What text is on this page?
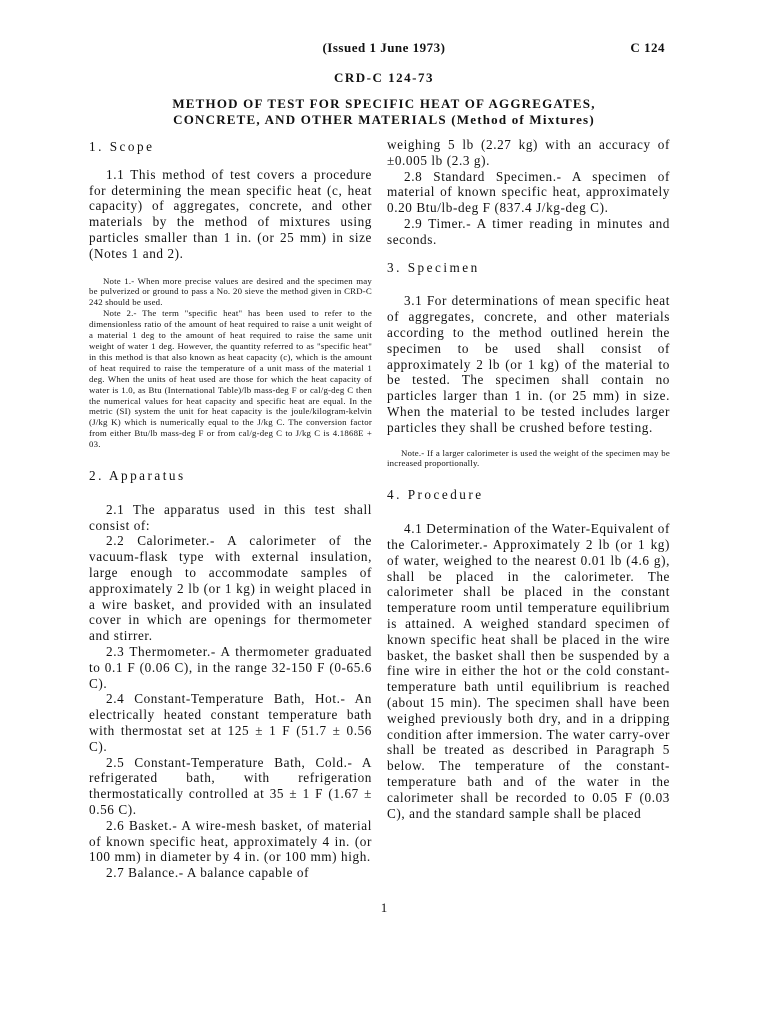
(Issued 1 June 1973)	C 124
CRD-C 124-73
METHOD OF TEST FOR SPECIFIC HEAT OF AGGREGATES,
CONCRETE, AND OTHER MATERIALS (Method of Mixtures)

1. Scope

1.1 This method of test covers a procedure for determining the mean specific heat (c, heat capacity) of aggregates, concrete, and other materials by the method of mixtures using particles smaller than 1 in. (or 25 mm) in size (Notes 1 and 2).

Note 1.- When more precise values are desired and the specimen may be pulverized or ground to pass a No. 20 sieve the method given in CRD-C 242 should be used.

Note 2.- The term "specific heat" has been used to refer to the dimensionless ratio of the amount of heat required to raise a unit weight of a material 1 deg to the amount of heat required to raise the same unit weight of water 1 deg. However, the quantity referred to as "specific heat" in this method is that also known as heat capacity (c), which is the amount of heat required to raise the temperature of a unit mass of the material 1 deg. When the units of heat used are those for which the heat capacity of water is 1.0, as Btu (International Table)/lb mass-deg F or cal/g-deg C then the numerical values for heat capacity and specific heat are equal. In the metric (SI) system the unit for heat capacity is the joule/kilogram-kelvin (J/kg K) which is numerically equal to the J/kg C. The conversion factor from either Btu/lb mass-deg F or from cal/g-deg C to J/kg C is 4.1868E + 03.

2. Apparatus

2.1 The apparatus used in this test shall consist of:

2.2 Calorimeter.- A calorimeter of the vacuum-flask type with external insulation, large enough to accommodate samples of approximately 2 lb (or 1 kg) in weight placed in a wire basket, and provided with an insulated cover in which are openings for thermometer and stirrer.

2.3 Thermometer.- A thermometer graduated to 0.1 F (0.06 C), in the range 32-150 F (0-65.6 C).

2.4 Constant-Temperature Bath, Hot.- An electrically heated constant temperature bath with thermostat set at 125 ± 1 F (51.7 ± 0.56 C).

2.5 Constant-Temperature Bath, Cold.- A refrigerated bath, with refrigeration thermostatically controlled at 35 ± 1 F (1.67 ± 0.56 C).

2.6 Basket.- A wire-mesh basket, of material of known specific heat, approximately 4 in. (or 100 mm) in diameter by 4 in. (or 100 mm) high.

2.7 Balance.- A balance capable of

weighing 5 lb (2.27 kg) with an accuracy of ±0.005 lb (2.3 g).

2.8 Standard Specimen.- A specimen of material of known specific heat, approximately 0.20 Btu/lb-deg F (837.4 J/kg-deg C).

2.9 Timer.- A timer reading in minutes and seconds.

3. Specimen

3.1 For determinations of mean specific heat of aggregates, concrete, and other materials according to the method outlined herein the specimen to be used shall consist of approximately 2 lb (or 1 kg) of the material to be tested. The specimen shall contain no particles larger than 1 in. (or 25 mm) in size. When the material to be tested includes larger particles they shall be crushed before testing.

Note.- If a larger calorimeter is used the weight of the specimen may be increased proportionally.

4. Procedure

4.1 Determination of the Water-Equivalent of the Calorimeter.- Approximately 2 lb (or 1 kg) of water, weighed to the nearest 0.01 lb (4.6 g), shall be placed in the calorimeter. The calorimeter shall be placed in the constant temperature room until temperature equilibrium is attained. A weighed standard specimen of known specific heat shall be placed in the wire basket, the basket shall then be suspended by a fine wire in either the hot or the cold constant-temperature bath until equilibrium is reached (about 15 min). The specimen shall have been weighed previously both dry, and in a dripping condition after immersion. The water carry-over shall be treated as described in Paragraph 5 below. The temperature of the constant-temperature bath and of the water in the calorimeter shall be recorded to 0.05 F (0.03 C), and the standard sample shall be placed

1
